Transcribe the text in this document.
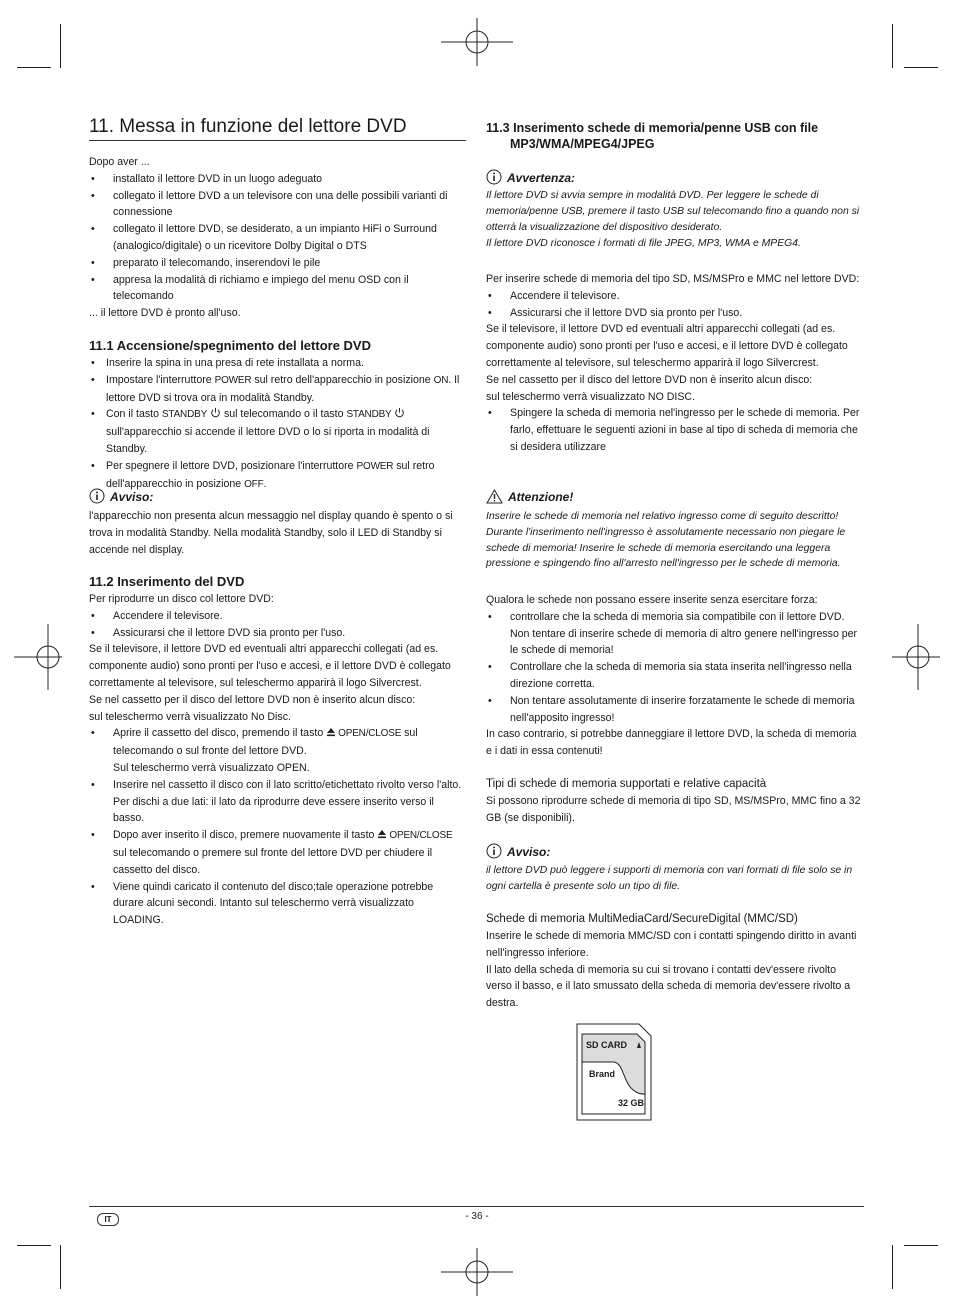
11. Messa in funzione del lettore DVD

Dopo aver ...

• installato il lettore DVD in un luogo adeguato
• collegato il lettore DVD a un televisore con una delle possibili varianti di connessione
• collegato il lettore DVD, se desiderato, a un impianto HiFi o Surround (analogico/digitale) o un ricevitore Dolby Digital o DTS
• preparato il telecomando, inserendovi le pile
• appresa la modalità di richiamo e impiego del menu OSD con il telecomando

... il lettore DVD è pronto all'uso.

11.1 Accensione/spegnimento del lettore DVD
• Inserire la spina in una presa di rete installata a norma.
• Impostare l'interruttore POWER sul retro dell'apparecchio in posizione ON. Il lettore DVD si trova ora in modalità Standby.
• Con il tasto STANDBY  sul telecomando o il tasto STANDBY  sull'apparecchio si accende il lettore DVD o lo si riporta in modalità di Standby.
• Per spegnere il lettore DVD, posizionare l'interruttore POWER sul retro dell'apparecchio in posizione OFF.
Avviso:

l'apparecchio non presenta alcun messaggio nel display quando è spento o si trova in modalità Standby. Nella modalità Standby, solo il LED di Standby si accende nel display.

11.2 Inserimento del DVD

Per riprodurre un disco col lettore DVD:

• Accendere il televisore.
• Assicurarsi che il lettore DVD sia pronto per l'uso.

Se il televisore, il lettore DVD ed eventuali altri apparecchi collegati (ad es. componente audio) sono pronti per l'uso e accesi, e il lettore DVD è collegato correttamente al televisore, sul teleschermo apparirà il logo Silvercrest.

Se nel cassetto per il disco del lettore DVD non è inserito alcun disco:

sul teleschermo verrà visualizzato No Disc.

• Aprire il cassetto del disco, premendo il tasto OPEN/CLOSE sul telecomando o sul fronte del lettore DVD.
Sul teleschermo verrà visualizzato OPEN.
• Inserire nel cassetto il disco con il lato scritto/etichettato rivolto verso l'alto. Per dischi a due lati: il lato da riprodurre deve essere inserito verso il basso.
• Dopo aver inserito il disco, premere nuovamente il tasto OPEN/CLOSE sul telecomando o premere sul fronte del lettore DVD per chiudere il cassetto del disco.
• Viene quindi caricato il contenuto del disco;tale operazione potrebbe durare alcuni secondi. Intanto sul teleschermo verrà visualizzato LOADING.
11.3 Inserimento schede di memoria/penne USB con file MP3/WMA/MPEG4/JPEG
Avvertenza:

Il lettore DVD si avvia sempre in modalità DVD. Per leggere le schede di memoria/penne USB, premere il tasto USB sul telecomando fino a quando non si otterrà la visualizzazione del dispositivo desiderato.

Il lettore DVD riconosce i formati di file JPEG, MP3, WMA e MPEG4.

Per inserire schede di memoria del tipo SD, MS/MSPro e MMC nel lettore DVD:

• Accendere il televisore.
• Assicurarsi che il lettore DVD sia pronto per l'uso.

Se il televisore, il lettore DVD ed eventuali altri apparecchi collegati (ad es. componente audio) sono pronti per l'uso e accesi, e il lettore DVD è collegato correttamente al televisore, sul teleschermo apparirà il logo Silvercrest.

Se nel cassetto per il disco del lettore DVD non è inserito alcun disco:

sul teleschermo verrà visualizzato NO DISC.

• Spingere la scheda di memoria nel'ingresso per le schede di memoria. Per farlo, effettuare le seguenti azioni in base al tipo di scheda di memoria che si desidera utilizzare
Attenzione!

Inserire le schede di memoria nel relativo ingresso come di seguito descritto! Durante l'inserimento nell'ingresso è assolutamente necessario non piegare le schede di memoria! Inserire le schede di memoria esercitando una leggera pressione e spingendo fino all'arresto nell'ingresso per le schede di memoria.

Qualora le schede non possano essere inserite senza esercitare forza:

• controllare che la scheda di memoria sia compatibile con il lettore DVD.
Non tentare di inserire schede di memoria di altro genere nell'ingresso per le schede di memoria!
• Controllare che la scheda di memoria sia stata inserita nell'ingresso nella direzione corretta.
• Non tentare assolutamente di inserire forzatamente le schede di memoria nell'apposito ingresso!

In caso contrario, si potrebbe danneggiare il lettore DVD, la scheda di memoria e i dati in essa contenuti!

Tipi di schede di memoria supportati e relative capacità

Si possono riprodurre schede di memoria di tipo SD, MS/MSPro, MMC fino a 32 GB (se disponibili).

Avviso:

il lettore DVD può leggere i supporti di memoria con vari formati di file solo se in ogni cartella è presente solo un tipo di file.

Schede di memoria MultiMediaCard/SecureDigital (MMC/SD)

Inserire le schede di memoria MMC/SD con i contatti spingendo diritto in avanti nell'ingresso inferiore.

Il lato della scheda di memoria su cui si trovano i contatti dev'essere rivolto verso il basso, e il lato smussato della scheda di memoria dev'essere rivolto a destra.

SD CARD
Brand
32 GB
IT	- 36 -
